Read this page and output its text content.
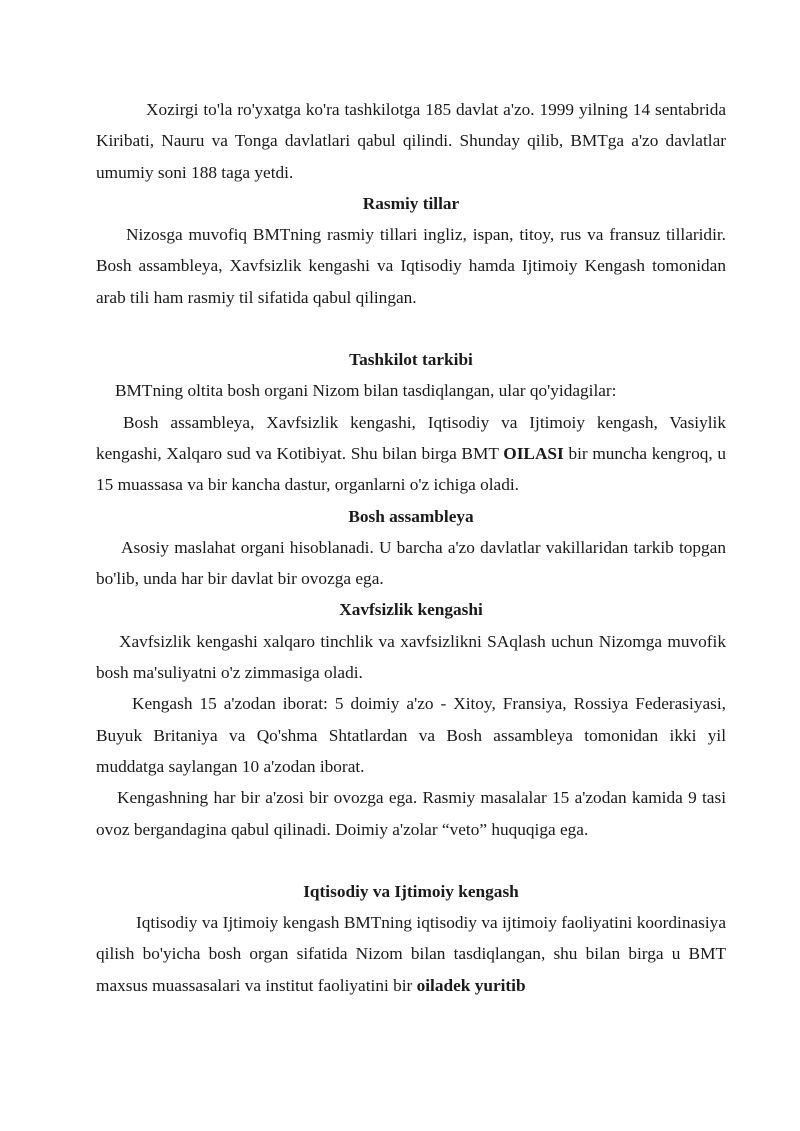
Xozirgi to'la ro'yxatga ko'ra tashkilotga 185 davlat a'zo. 1999 yilning 14 sentabrida Kiribati, Nauru va Tonga davlatlari qabul qilindi. Shunday qilib, BMTga a'zo davlatlar umumiy soni 188 taga yetdi.

Rasmiy tillar

Nizosga muvofiq BMTning rasmiy tillari ingliz, ispan, titoy, rus va fransuz tillaridir. Bosh assambleya, Xavfsizlik kengashi va Iqtisodiy hamda Ijtimoiy Kengash tomonidan arab tili ham rasmiy til sifatida qabul qilingan.

Tashkilot tarkibi

BMTning oltita bosh organi Nizom bilan tasdiqlangan, ular qo'yidagilar:

Bosh assambleya, Xavfsizlik kengashi, Iqtisodiy va Ijtimoiy kengash, Vasiylik kengashi, Xalqaro sud va Kotibiyat. Shu bilan birga BMT OILASI bir muncha kengroq, u 15 muassasa va bir kancha dastur, organlarni o'z ichiga oladi.

Bosh assambleya

Asosiy maslahat organi hisoblanadi. U barcha a'zo davlatlar vakillaridan tarkib topgan bo'lib, unda har bir davlat bir ovozga ega.

Xavfsizlik kengashi

Xavfsizlik kengashi xalqaro tinchlik va xavfsizlikni SAqlash uchun Nizomga muvofik bosh ma'suliyatni o'z zimmasiga oladi.

Kengash 15 a'zodan iborat: 5 doimiy a'zo - Xitoy, Fransiya, Rossiya Federasiyasi, Buyuk Britaniya va Qo'shma Shtatlardan va Bosh assambleya tomonidan ikki yil muddatga saylangan 10 a'zodan iborat.

Kengashning har bir a'zosi bir ovozga ega. Rasmiy masalalar 15 a'zodan kamida 9 tasi ovoz bergandagina qabul qilinadi. Doimiy a'zolar “veto” huquqiga ega.

Iqtisodiy va Ijtimoiy kengash

Iqtisodiy va Ijtimoiy kengash BMTning iqtisodiy va ijtimoiy faoliyatini koordinasiya qilish bo'yicha bosh organ sifatida Nizom bilan tasdiqlangan, shu bilan birga u BMT maxsus muassasalari va institut faoliyatini bir oiladek yuritib
